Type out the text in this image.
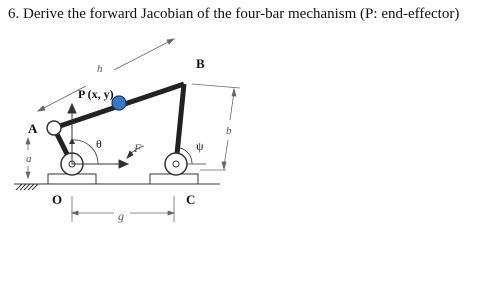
6. Derive the forward Jacobian of the four-bar mechanism (P: end-effector)
g
a
h
b
θ	ψ
F
A
B
C
O
P (x, y)
